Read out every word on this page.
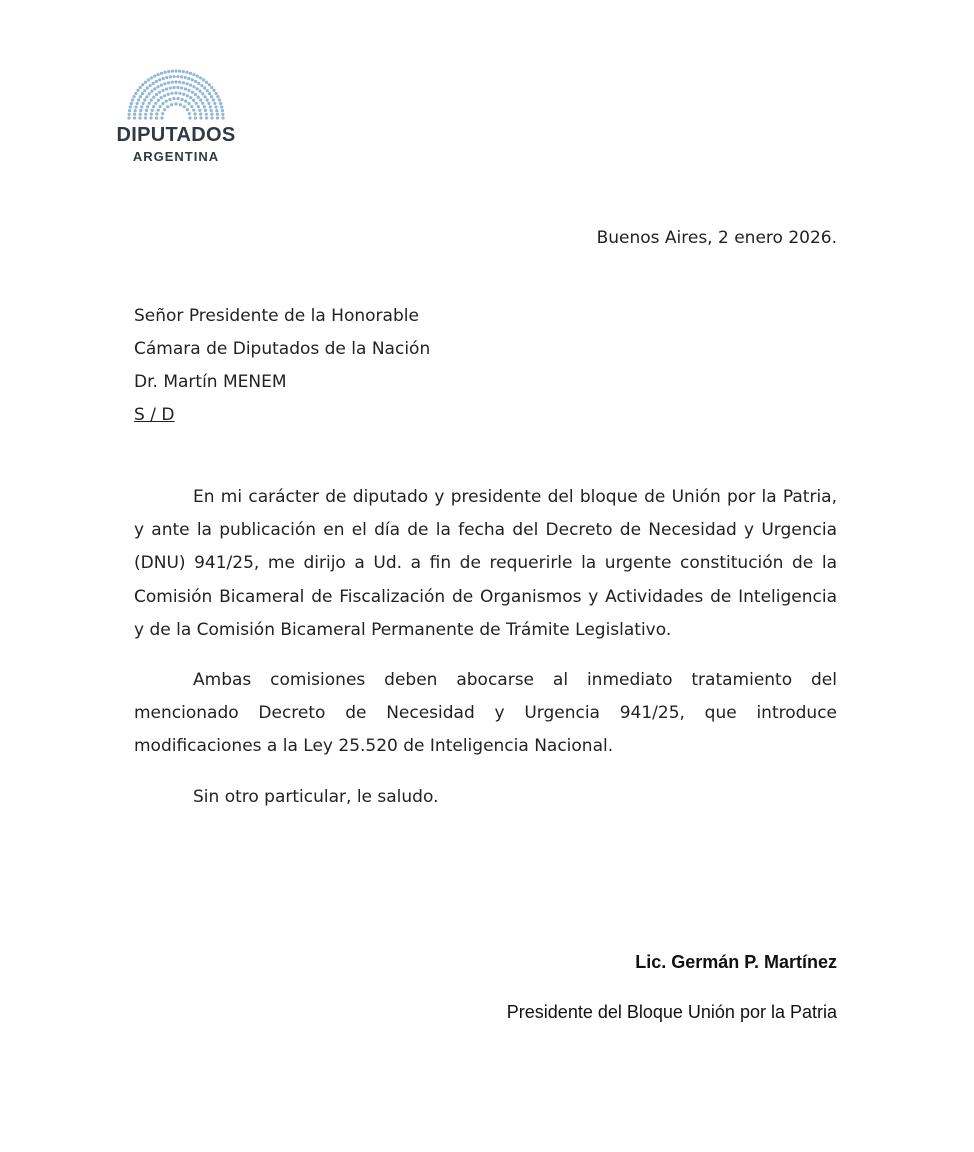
DIPUTADOS
ARGENTINA
Buenos Aires, 2 enero 2026.
Señor Presidente de la Honorable
Cámara de Diputados de la Nación
Dr. Martín MENEM
S / D

En mi carácter de diputado y presidente del bloque de Unión por la Patria, y ante la publicación en el día de la fecha del Decreto de Necesidad y Urgencia (DNU) 941/25, me dirijo a Ud. a fin de requerirle la urgente constitución de la Comisión Bicameral de Fiscalización de Organismos y Actividades de Inteligencia y de la Comisión Bicameral Permanente de Trámite Legislativo.

Ambas comisiones deben abocarse al inmediato tratamiento del mencionado Decreto de Necesidad y Urgencia 941/25, que introduce modificaciones a la Ley 25.520 de Inteligencia Nacional.

Sin otro particular, le saludo.

Lic. Germán P. Martínez
Presidente del Bloque Unión por la Patria
